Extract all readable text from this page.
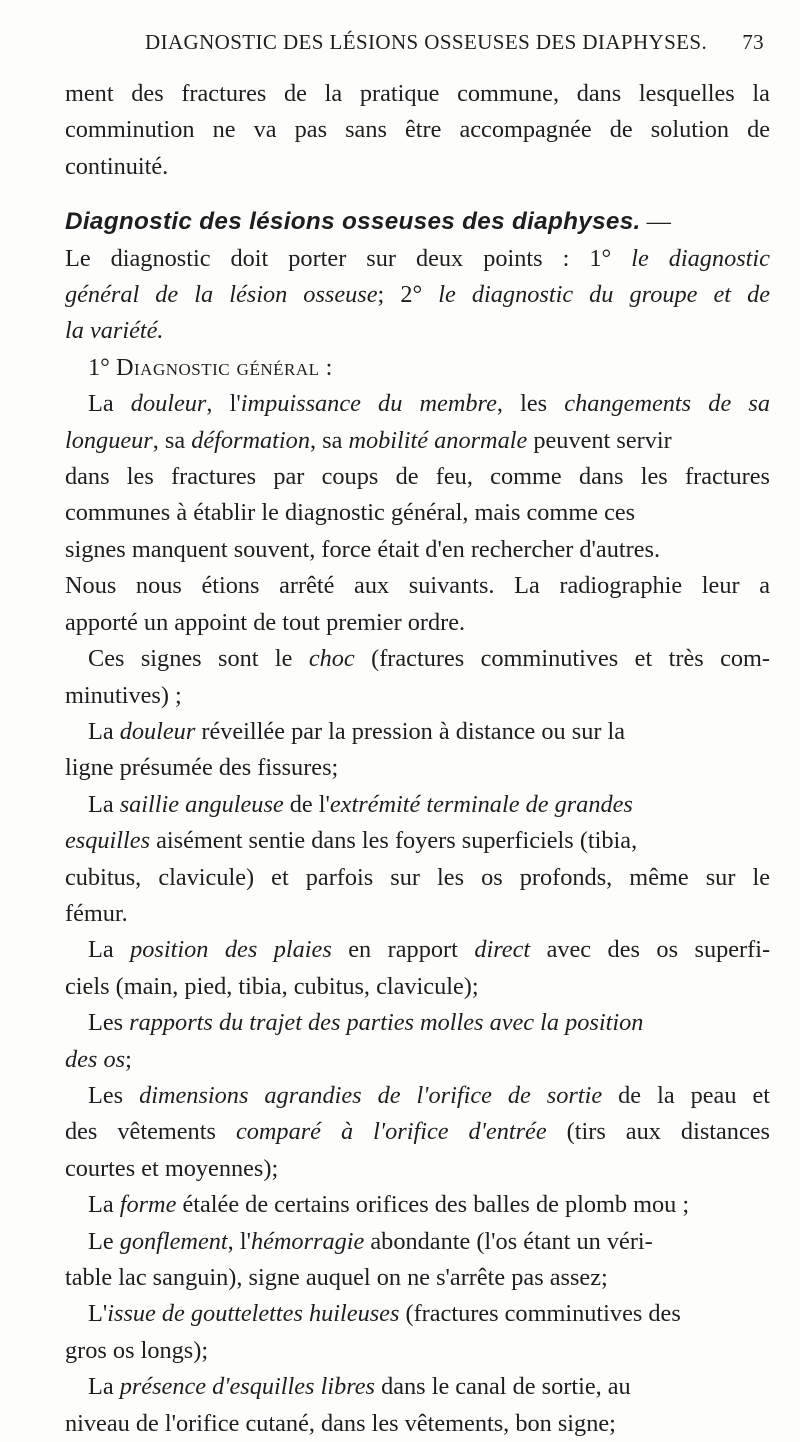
DIAGNOSTIC DES LÉSIONS OSSEUSES DES DIAPHYSES. 73
ment des fractures de la pratique commune, dans lesquelles la
comminution ne va pas sans être accompagnée de solution de
continuité.
Diagnostic des lésions osseuses des diaphyses. —
Le diagnostic doit porter sur deux points : 1° le diagnostic
général de la lésion osseuse; 2° le diagnostic du groupe et de
la variété.
1° Diagnostic général :
La douleur, l'impuissance du membre, les changements de sa
longueur, sa déformation, sa mobilité anormale peuvent servir
dans les fractures par coups de feu, comme dans les fractures
communes à établir le diagnostic général, mais comme ces
signes manquent souvent, force était d'en rechercher d'autres.
Nous nous étions arrêté aux suivants. La radiographie leur a
apporté un appoint de tout premier ordre.
Ces signes sont le choc (fractures comminutives et très com-
minutives) ;
La douleur réveillée par la pression à distance ou sur la
ligne présumée des fissures;
La saillie anguleuse de l'extrémité terminale de grandes
esquilles aisément sentie dans les foyers superficiels (tibia,
cubitus, clavicule) et parfois sur les os profonds, même sur le
fémur.
La position des plaies en rapport direct avec des os superfi-
ciels (main, pied, tibia, cubitus, clavicule);
Les rapports du trajet des parties molles avec la position
des os;
Les dimensions agrandies de l'orifice de sortie de la peau et
des vêtements comparé à l'orifice d'entrée (tirs aux distances
courtes et moyennes);
La forme étalée de certains orifices des balles de plomb mou ;
Le gonflement, l'hémorragie abondante (l'os étant un véri-
table lac sanguin), signe auquel on ne s'arrête pas assez;
L'issue de gouttelettes huileuses (fractures comminutives des
gros os longs);
La présence d'esquilles libres dans le canal de sortie, au
niveau de l'orifice cutané, dans les vêtements, bon signe;
